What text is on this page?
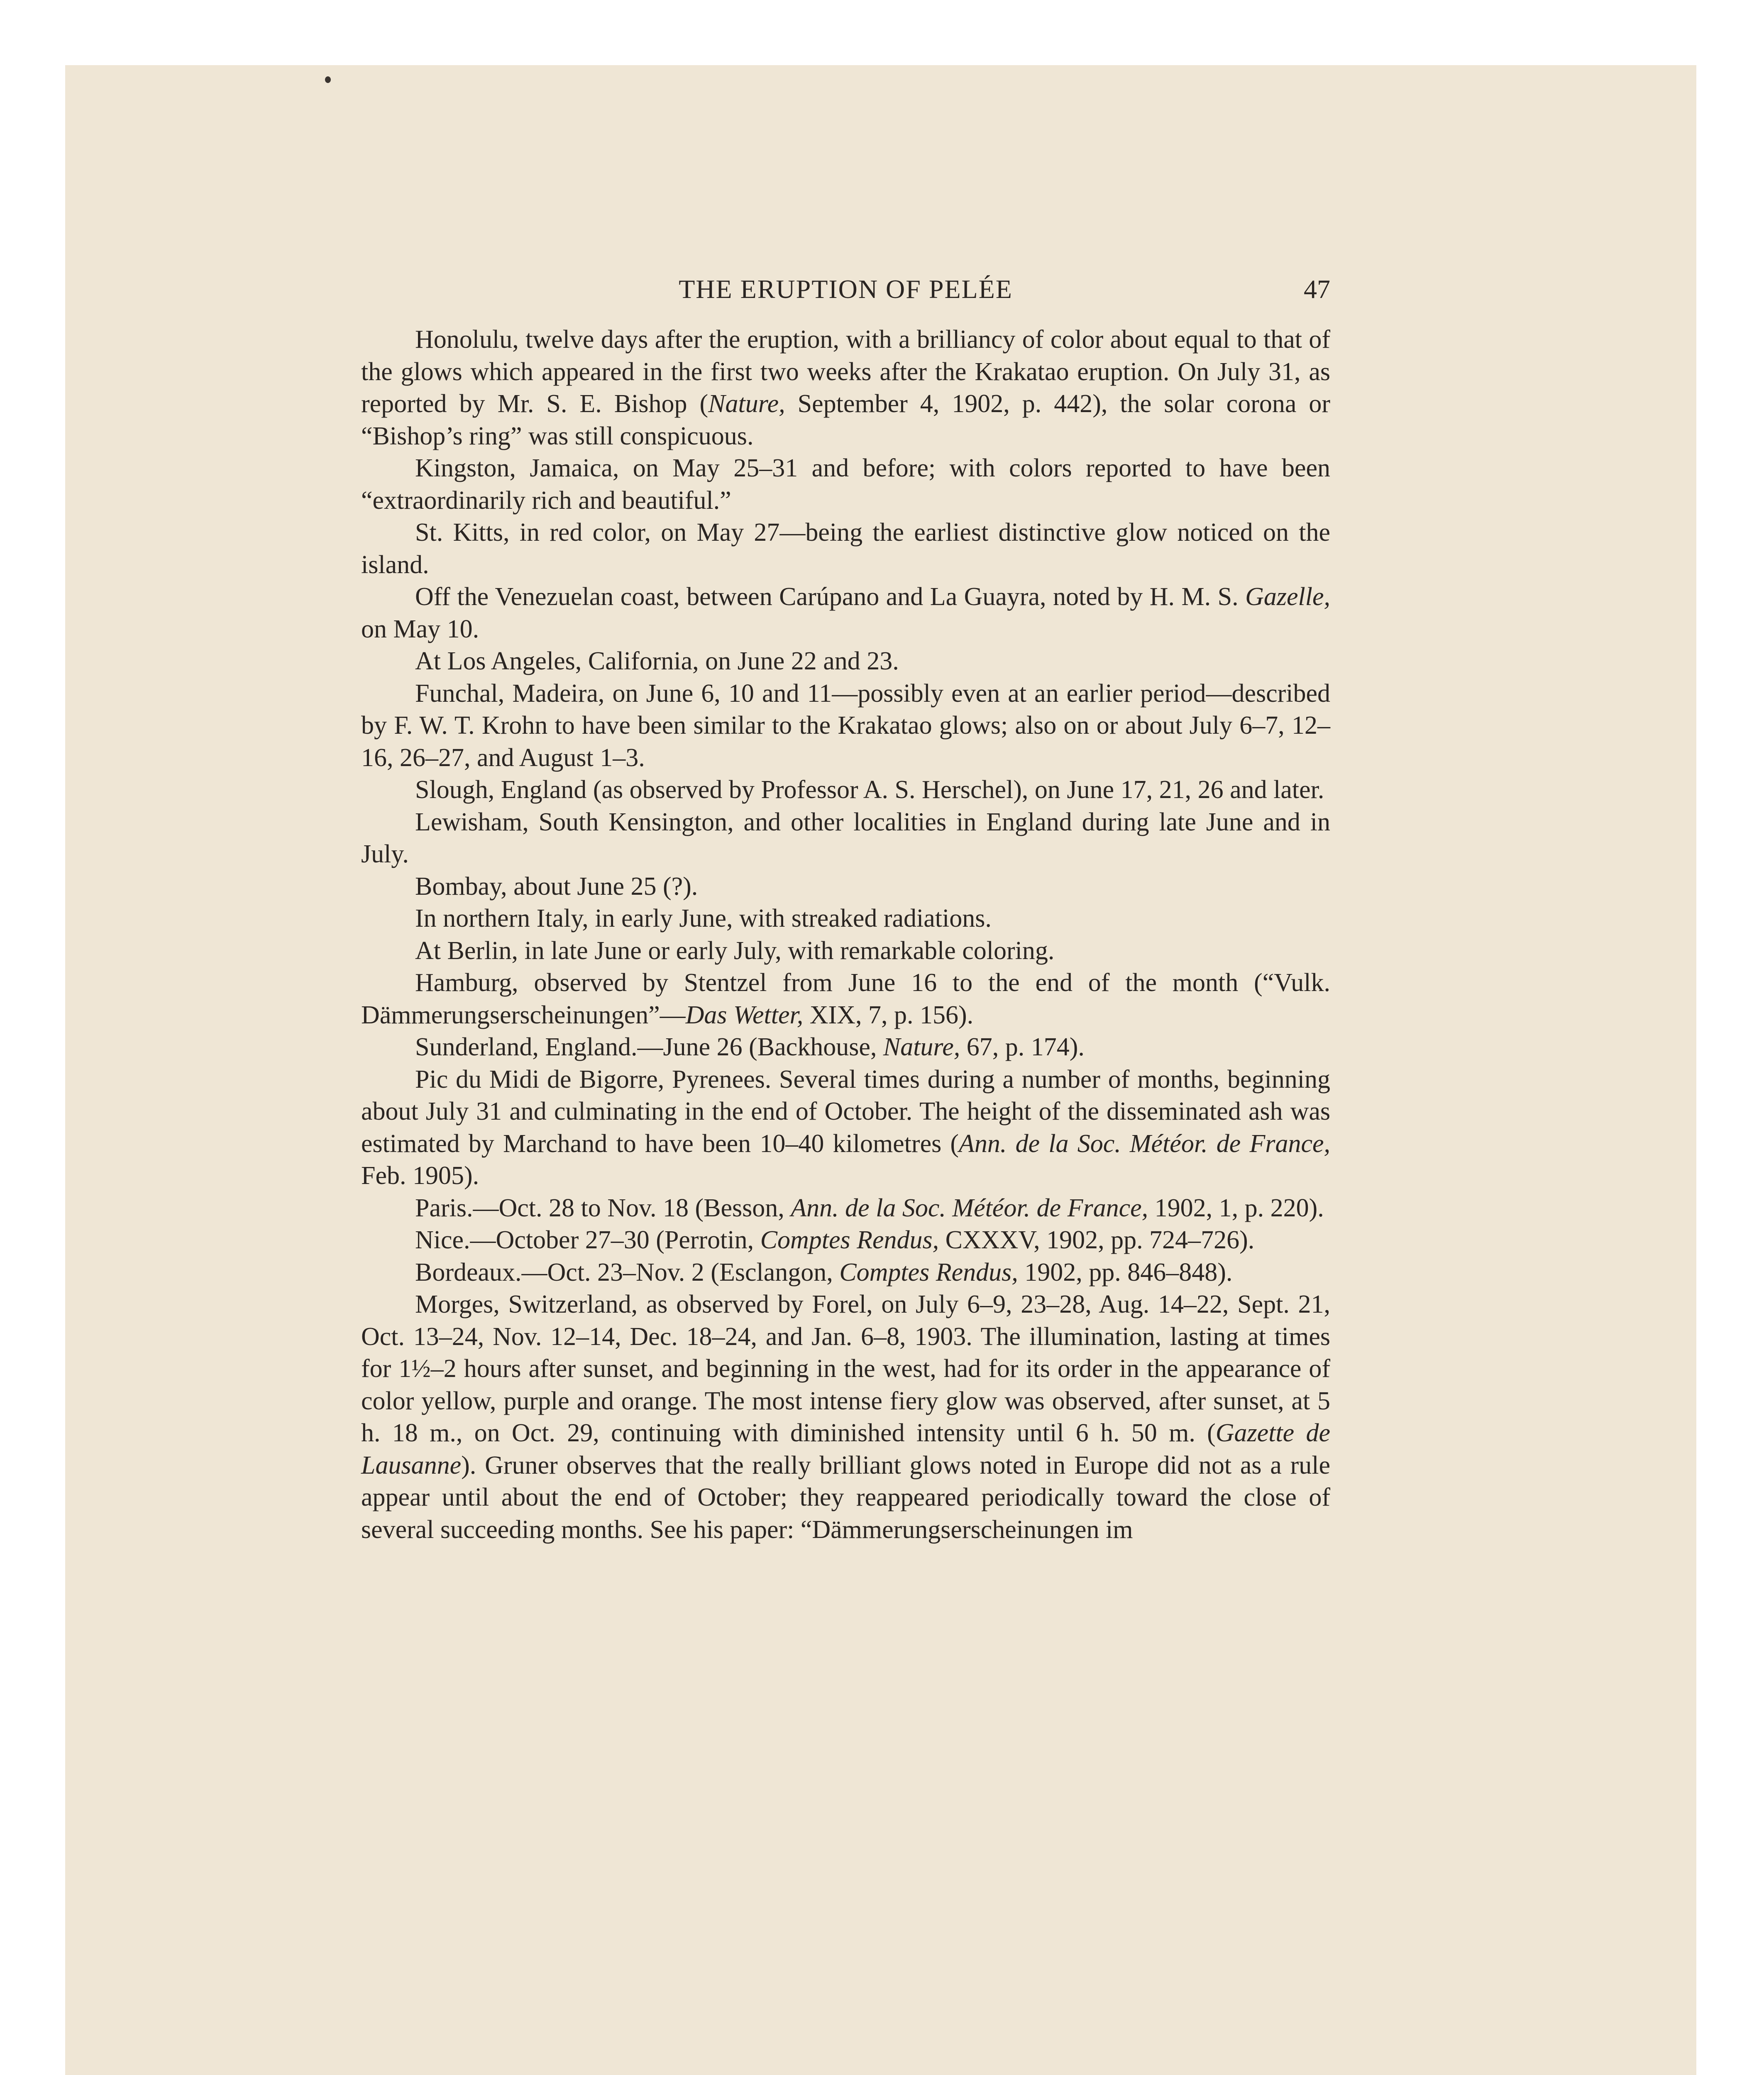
THE ERUPTION OF PELÉE	47

Honolulu, twelve days after the eruption, with a brilliancy of color about equal to that of the glows which appeared in the first two weeks after the Krakatao eruption. On July 31, as reported by Mr. S. E. Bishop (Nature, September 4, 1902, p. 442), the solar corona or “Bishop’s ring” was still conspicuous.

Kingston, Jamaica, on May 25–31 and before; with colors reported to have been “extraordinarily rich and beautiful.”

St. Kitts, in red color, on May 27—being the earliest distinctive glow noticed on the island.

Off the Venezuelan coast, between Carúpano and La Guayra, noted by H. M. S. Gazelle, on May 10.

At Los Angeles, California, on June 22 and 23.

Funchal, Madeira, on June 6, 10 and 11—possibly even at an earlier period—described by F. W. T. Krohn to have been similar to the Krakatao glows; also on or about July 6–7, 12–16, 26–27, and August 1–3.

Slough, England (as observed by Professor A. S. Herschel), on June 17, 21, 26 and later.

Lewisham, South Kensington, and other localities in England during late June and in July.

Bombay, about June 25 (?).

In northern Italy, in early June, with streaked radiations.

At Berlin, in late June or early July, with remarkable coloring.

Hamburg, observed by Stentzel from June 16 to the end of the month (“Vulk. Dämmerungserscheinungen”—Das Wetter, XIX, 7, p. 156).

Sunderland, England.—June 26 (Backhouse, Nature, 67, p. 174).

Pic du Midi de Bigorre, Pyrenees. Several times during a number of months, beginning about July 31 and culminating in the end of October. The height of the disseminated ash was estimated by Marchand to have been 10–40 kilometres (Ann. de la Soc. Météor. de France, Feb. 1905).

Paris.—Oct. 28 to Nov. 18 (Besson, Ann. de la Soc. Météor. de France, 1902, 1, p. 220).

Nice.—October 27–30 (Perrotin, Comptes Rendus, CXXXV, 1902, pp. 724–726).

Bordeaux.—Oct. 23–Nov. 2 (Esclangon, Comptes Rendus, 1902, pp. 846–848).

Morges, Switzerland, as observed by Forel, on July 6–9, 23–28, Aug. 14–22, Sept. 21, Oct. 13–24, Nov. 12–14, Dec. 18–24, and Jan. 6–8, 1903. The illumination, lasting at times for 1½–2 hours after sunset, and beginning in the west, had for its order in the appearance of color yellow, purple and orange. The most intense fiery glow was observed, after sunset, at 5 h. 18 m., on Oct. 29, continuing with diminished intensity until 6 h. 50 m. (Gazette de Lausanne). Gruner observes that the really brilliant glows noted in Europe did not as a rule appear until about the end of October; they reappeared periodically toward the close of several succeeding months. See his paper: “Dämmerungserscheinungen im
